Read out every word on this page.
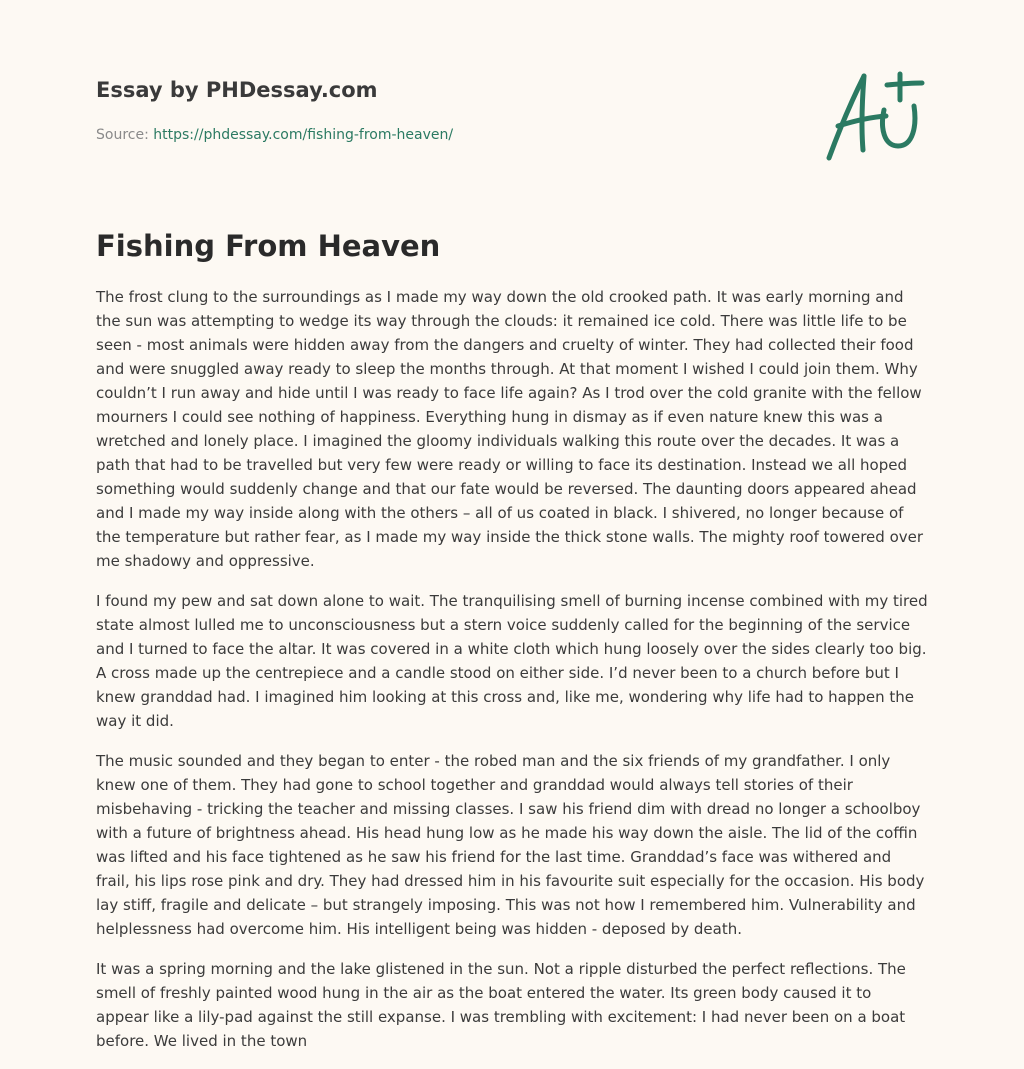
Essay by PHDessay.com
Source: https://phdessay.com/fishing-from-heaven/
Fishing From Heaven

The frost clung to the surroundings as I made my way down the old crooked path. It was early morning and the sun was attempting to wedge its way through the clouds: it remained ice cold. There was little life to be seen - most animals were hidden away from the dangers and cruelty of winter. They had collected their food and were snuggled away ready to sleep the months through. At that moment I wished I could join them. Why couldn’t I run away and hide until I was ready to face life again? As I trod over the cold granite with the fellow mourners I could see nothing of happiness. Everything hung in dismay as if even nature knew this was a wretched and lonely place. I imagined the gloomy individuals walking this route over the decades. It was a path that had to be travelled but very few were ready or willing to face its destination. Instead we all hoped something would suddenly change and that our fate would be reversed. The daunting doors appeared ahead and I made my way inside along with the others – all of us coated in black. I shivered, no longer because of the temperature but rather fear, as I made my way inside the thick stone walls. The mighty roof towered over me shadowy and oppressive.

I found my pew and sat down alone to wait. The tranquilising smell of burning incense combined with my tired state almost lulled me to unconsciousness but a stern voice suddenly called for the beginning of the service and I turned to face the altar. It was covered in a white cloth which hung loosely over the sides clearly too big. A cross made up the centrepiece and a candle stood on either side. I’d never been to a church before but I knew granddad had. I imagined him looking at this cross and, like me, wondering why life had to happen the way it did.

The music sounded and they began to enter - the robed man and the six friends of my grandfather. I only knew one of them. They had gone to school together and granddad would always tell stories of their misbehaving - tricking the teacher and missing classes. I saw his friend dim with dread no longer a schoolboy with a future of brightness ahead. His head hung low as he made his way down the aisle. The lid of the coffin was lifted and his face tightened as he saw his friend for the last time. Granddad’s face was withered and frail, his lips rose pink and dry. They had dressed him in his favourite suit especially for the occasion. His body lay stiff, fragile and delicate – but strangely imposing. This was not how I remembered him. Vulnerability and helplessness had overcome him. His intelligent being was hidden - deposed by death.

It was a spring morning and the lake glistened in the sun. Not a ripple disturbed the perfect reflections. The smell of freshly painted wood hung in the air as the boat entered the water. Its green body caused it to appear like a lily-pad against the still expanse. I was trembling with excitement: I had never been on a boat before. We lived in the town
